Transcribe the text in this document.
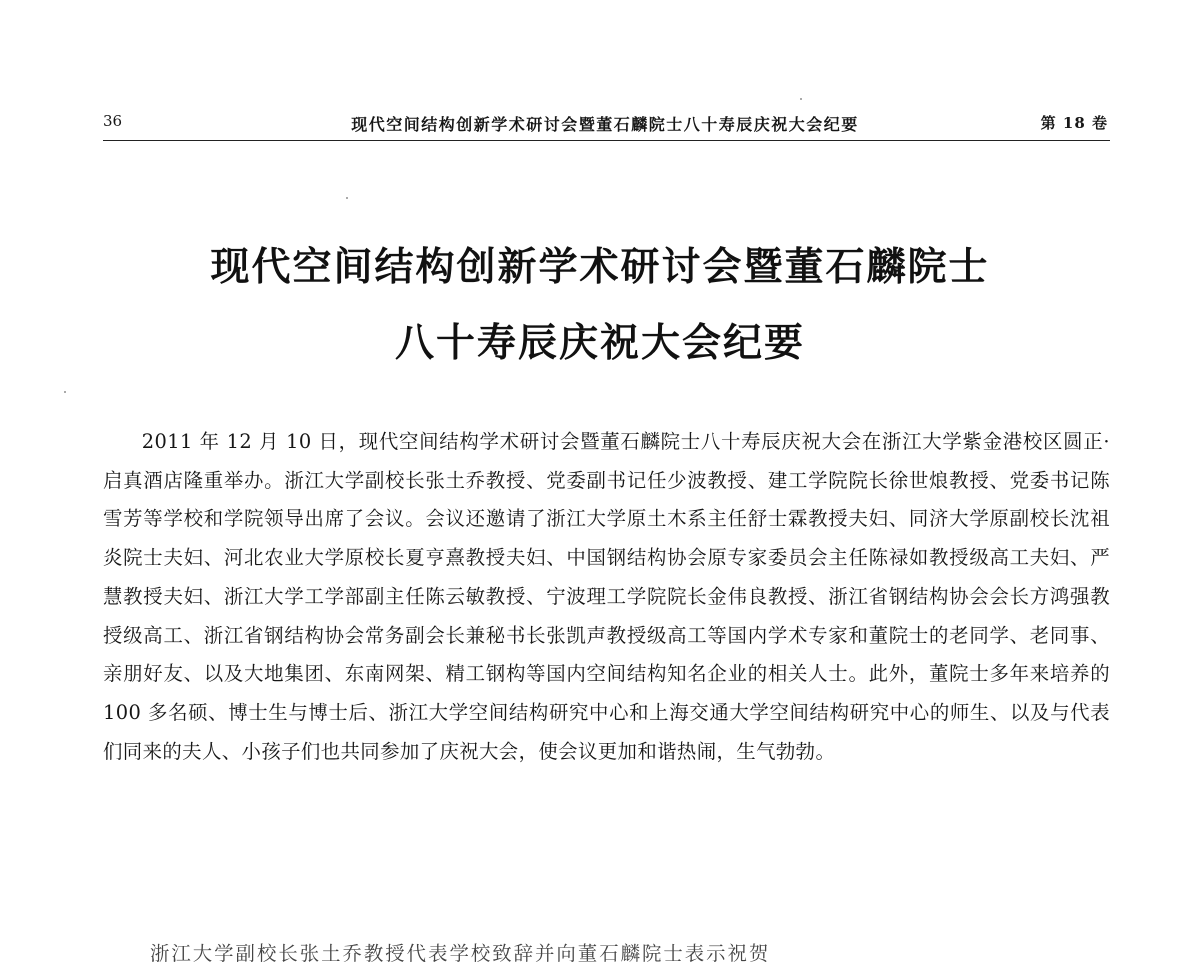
36	现代空间结构创新学术研讨会暨董石麟院士八十寿辰庆祝大会纪要	第 18 卷
现代空间结构创新学术研讨会暨董石麟院士
八十寿辰庆祝大会纪要

2011 年 12 月 10 日，现代空间结构学术研讨会暨董石麟院士八十寿辰庆祝大会在浙江大学紫金港校区圆正·启真酒店隆重举办。浙江大学副校长张土乔教授、党委副书记任少波教授、建工学院院长徐世烺教授、党委书记陈雪芳等学校和学院领导出席了会议。会议还邀请了浙江大学原土木系主任舒士霖教授夫妇、同济大学原副校长沈祖炎院士夫妇、河北农业大学原校长夏亨熹教授夫妇、中国钢结构协会原专家委员会主任陈禄如教授级高工夫妇、严慧教授夫妇、浙江大学工学部副主任陈云敏教授、宁波理工学院院长金伟良教授、浙江省钢结构协会会长方鸿强教授级高工、浙江省钢结构协会常务副会长兼秘书长张凯声教授级高工等国内学术专家和董院士的老同学、老同事、亲朋好友、以及大地集团、东南网架、精工钢构等国内空间结构知名企业的相关人士。此外，董院士多年来培养的 100 多名硕、博士生与博士后、浙江大学空间结构研究中心和上海交通大学空间结构研究中心的师生、以及与代表们同来的夫人、小孩子们也共同参加了庆祝大会，使会议更加和谐热闹，生气勃勃。

浙江大学副校长张土乔教授代表学校致辞并向董石麟院士表示祝贺
